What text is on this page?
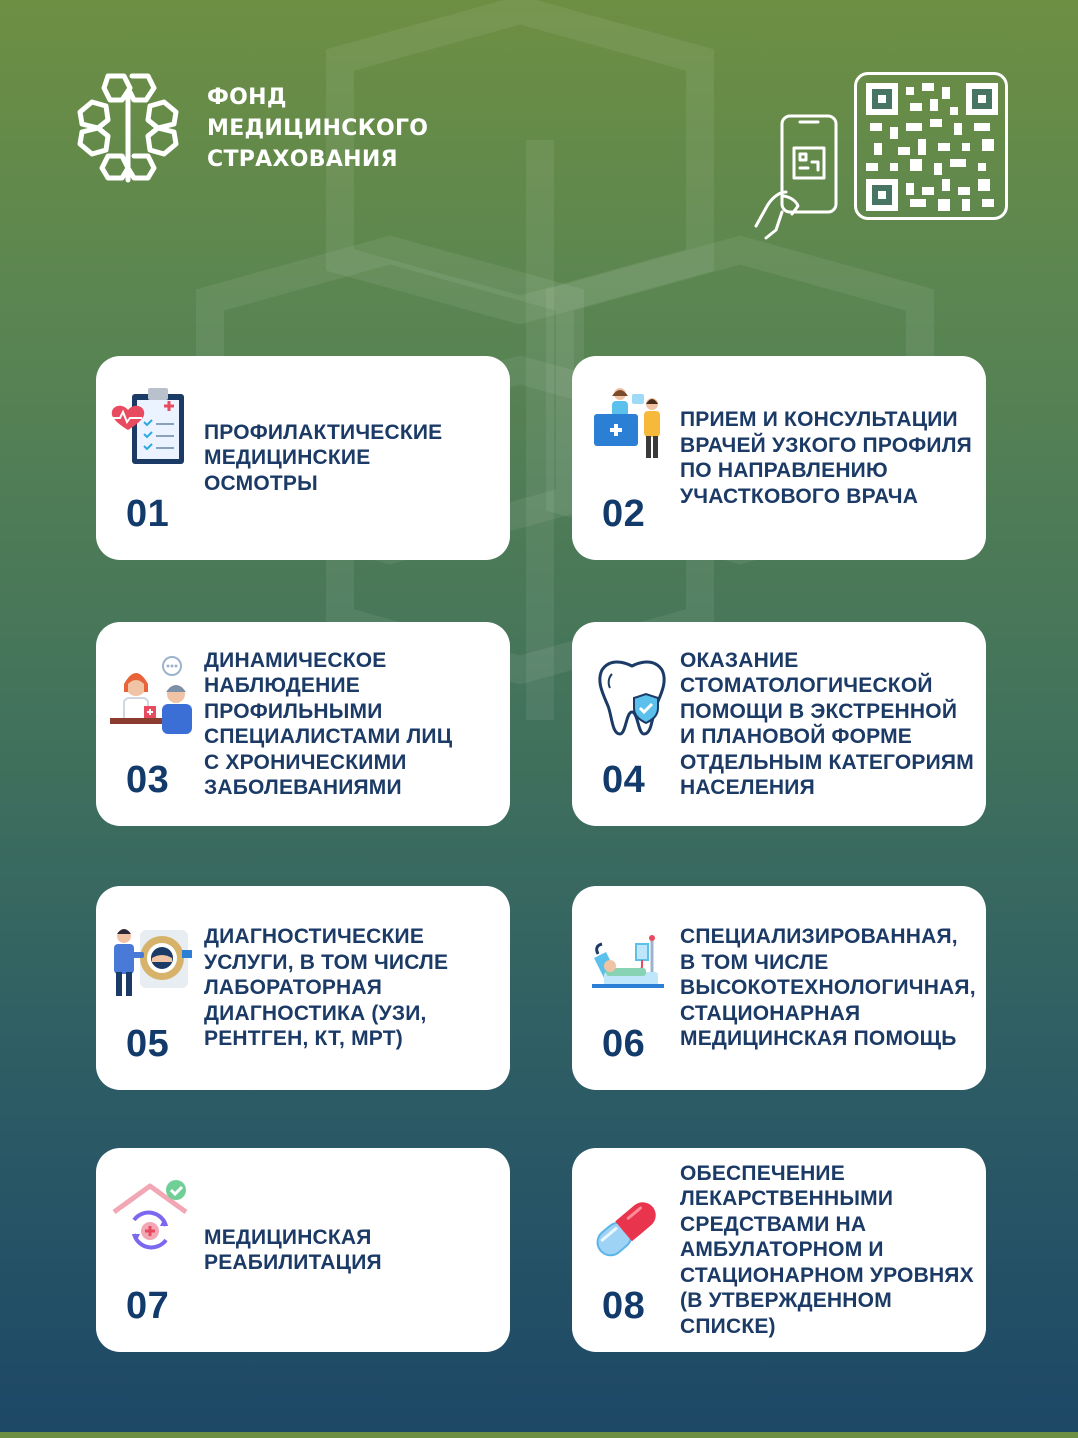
ФОНД
МЕДИЦИНСКОГО
СТРАХОВАНИЯ
01
ПРОФИЛАКТИЧЕСКИЕ
МЕДИЦИНСКИЕ
ОСМОТРЫ
02
ПРИЕМ И КОНСУЛЬТАЦИИ
ВРАЧЕЙ УЗКОГО ПРОФИЛЯ
ПО НАПРАВЛЕНИЮ
УЧАСТКОВОГО ВРАЧА
03
ДИНАМИЧЕСКОЕ
НАБЛЮДЕНИЕ
ПРОФИЛЬНЫМИ
СПЕЦИАЛИСТАМИ ЛИЦ
С ХРОНИЧЕСКИМИ
ЗАБОЛЕВАНИЯМИ	04
ОКАЗАНИЕ
СТОМАТОЛОГИЧЕСКОЙ
ПОМОЩИ В ЭКСТРЕННОЙ
И ПЛАНОВОЙ ФОРМЕ
ОТДЕЛЬНЫМ КАТЕГОРИЯМ
НАСЕЛЕНИЯ
05
ДИАГНОСТИЧЕСКИЕ
УСЛУГИ, В ТОМ ЧИСЛЕ
ЛАБОРАТОРНАЯ
ДИАГНОСТИКА (УЗИ,
РЕНТГЕН, КТ, МРТ)	06
СПЕЦИАЛИЗИРОВАННАЯ,
В ТОМ ЧИСЛЕ
ВЫСОКОТЕХНОЛОГИЧНАЯ,
СТАЦИОНАРНАЯ
МЕДИЦИНСКАЯ ПОМОЩЬ
07
МЕДИЦИНСКАЯ
РЕАБИЛИТАЦИЯ
08
ОБЕСПЕЧЕНИЕ
ЛЕКАРСТВЕННЫМИ
СРЕДСТВАМИ НА
АМБУЛАТОРНОМ И
СТАЦИОНАРНОМ УРОВНЯХ
(В УТВЕРЖДЕННОМ СПИСКЕ)
